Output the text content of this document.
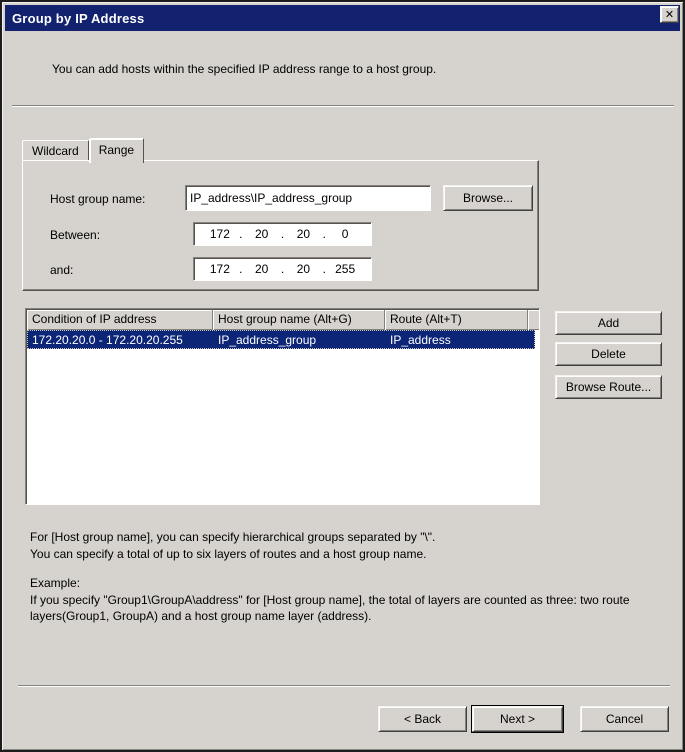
Group by IP Address	✕
You can add hosts within the specified IP address range to a host group.
Wildcard	Range
Host group name:
IP_address\IP_address_group	Browse...
Between:	172 .	20	.	20	.	0
and:	172 .	20	.	20	. 255
Condition of IP address	Host group name (Alt+G)	Route (Alt+T)
172.20.20.0 - 172.20.20.255	IP_address_group	IP_address
Add
Delete
Browse Route...
For [Host group name], you can specify hierarchical groups separated by "\".
You can specify a total of up to six layers of routes and a host group name.
Example:
If you specify "Group1\GroupA\address" for [Host group name], the total of layers are counted as three: two route layers(Group1, GroupA) and a host group name layer (address).
< Back	Next >	Cancel
